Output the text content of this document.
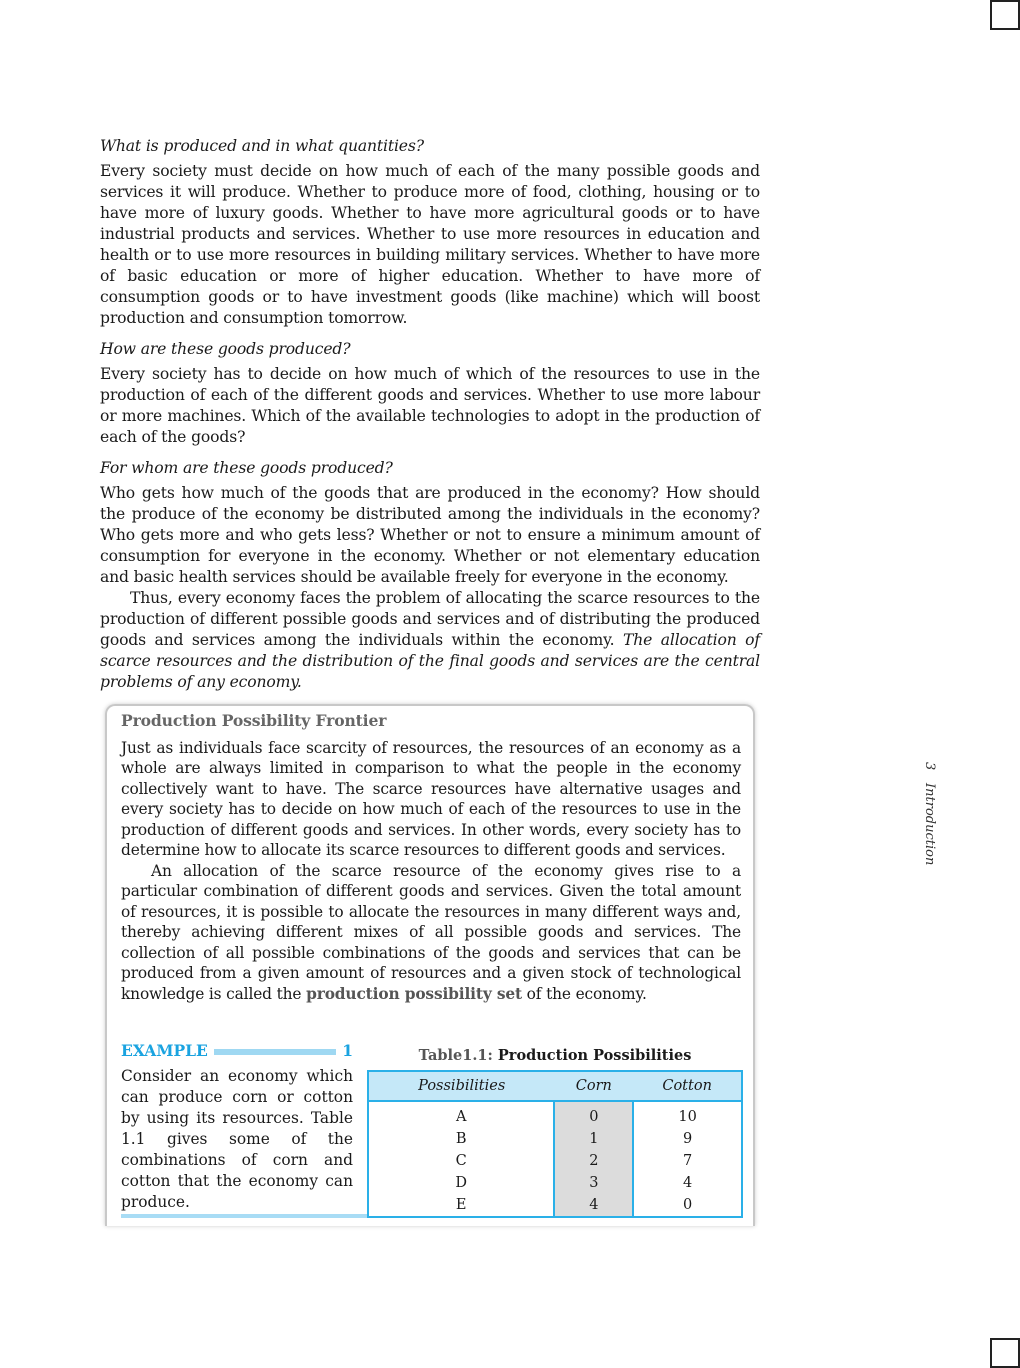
What is produced and in what quantities?

Every society must decide on how much of each of the many possible goods and services it will produce. Whether to produce more of food, clothing, housing or to have more of luxury goods. Whether to have more agricultural goods or to have industrial products and services. Whether to use more resources in education and health or to use more resources in building military services. Whether to have more of basic education or more of higher education. Whether to have more of consumption goods or to have investment goods (like machine) which will boost production and consumption tomorrow.

How are these goods produced?

Every society has to decide on how much of which of the resources to use in the production of each of the different goods and services. Whether to use more labour or more machines. Which of the available technologies to adopt in the production of each of the goods?

For whom are these goods produced?

Who gets how much of the goods that are produced in the economy? How should the produce of the economy be distributed among the individuals in the economy? Who gets more and who gets less? Whether or not to ensure a minimum amount of consumption for everyone in the economy. Whether or not elementary education and basic health services should be available freely for everyone in the economy.

Thus, every economy faces the problem of allocating the scarce resources to the production of different possible goods and services and of distributing the produced goods and services among the individuals within the economy. The allocation of scarce resources and the distribution of the final goods and services are the central problems of any economy.

Production Possibility Frontier

Just as individuals face scarcity of resources, the resources of an economy as a whole are always limited in comparison to what the people in the economy collectively want to have. The scarce resources have alternative usages and every society has to decide on how much of each of the resources to use in the production of different goods and services. In other words, every society has to determine how to allocate its scarce resources to different goods and services.

An allocation of the scarce resource of the economy gives rise to a particular combination of different goods and services. Given the total amount of resources, it is possible to allocate the resources in many different ways and, thereby achieving different mixes of all possible goods and services. The collection of all possible combinations of the goods and services that can be produced from a given amount of resources and a given stock of technological knowledge is called the production possibility set of the economy.

EXAMPLE	1
Consider an economy which can produce corn or cotton by using its resources. Table 1.1 gives some of the combinations of corn and cotton that the economy can produce.
Table1.1: Production Possibilities
Possibilities	Corn	Cotton
A	0	10
B	1	9
C	2	7
D	3	4
E	4	0
3   Introduction
